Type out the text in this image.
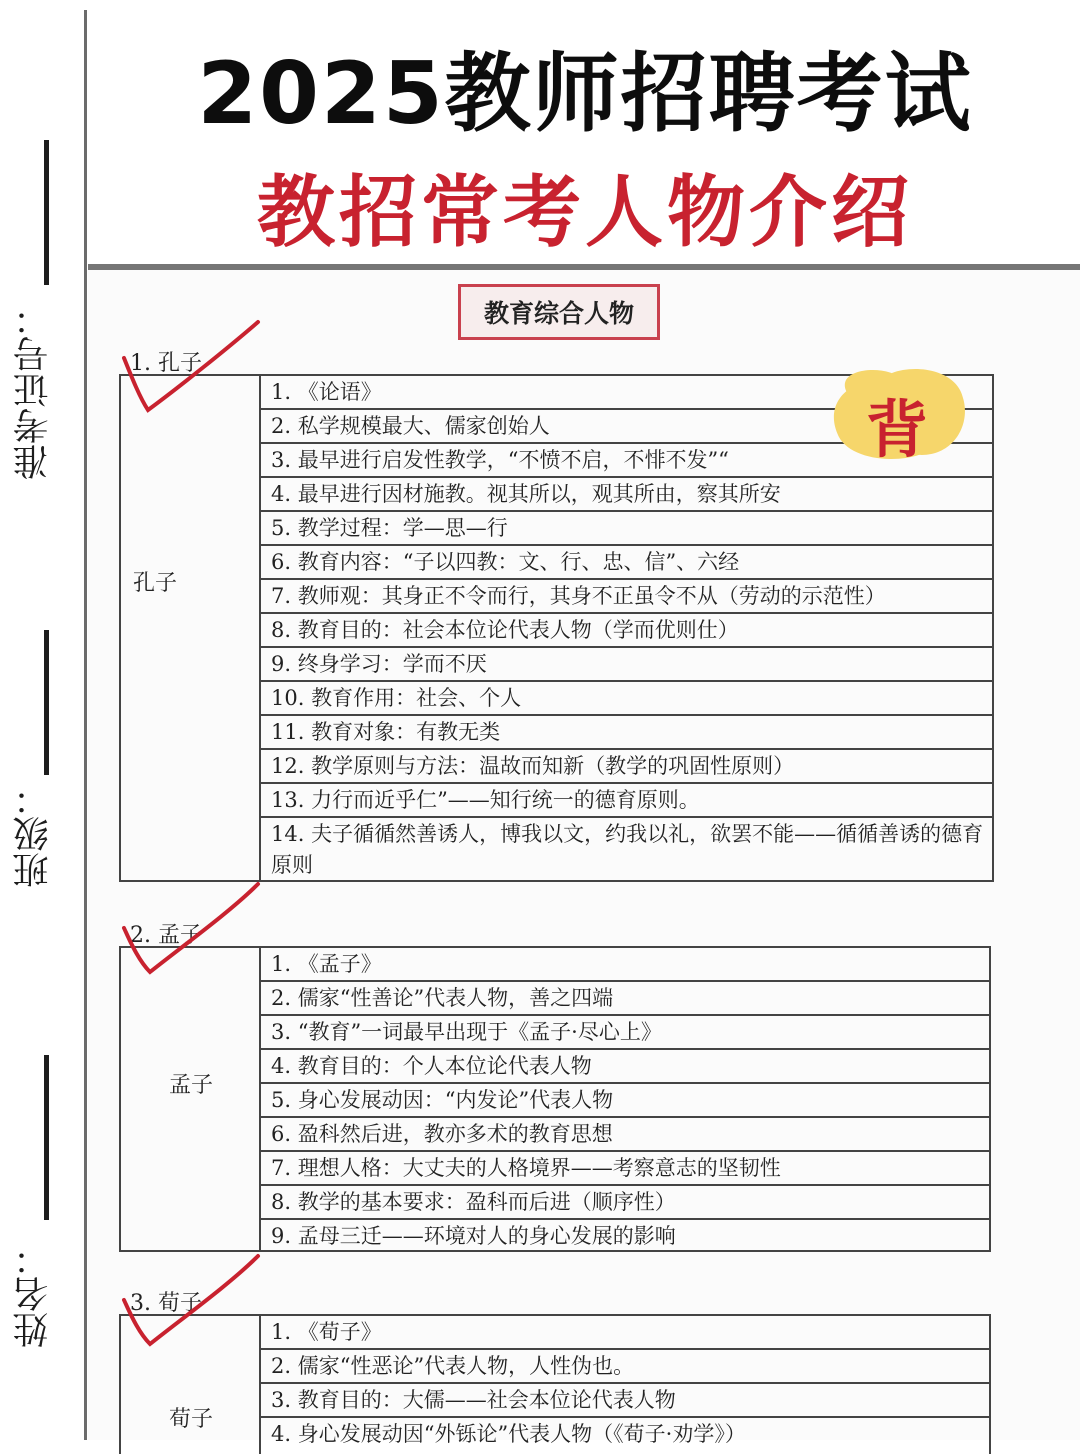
准考证号：
班级：
姓名：
2025教师招聘考试
教招常考人物介绍
教育综合人物
1. 孔子
孔子
1. 《论语》
2. 私学规模最大、儒家创始人
3. 最早进行启发性教学，“不愤不启，不悱不发”“
4. 最早进行因材施教。视其所以，观其所由，察其所安
5. 教学过程：学—思—行
6. 教育内容：“子以四教：文、行、忠、信”、六经
7. 教师观：其身正不令而行，其身不正虽令不从（劳动的示范性）
8. 教育目的：社会本位论代表人物（学而优则仕）
9. 终身学习：学而不厌
10. 教育作用：社会、个人
11. 教育对象：有教无类
12. 教学原则与方法：温故而知新（教学的巩固性原则）
13. 力行而近乎仁”——知行统一的德育原则。
14. 夫子循循然善诱人，博我以文，约我以礼，欲罢不能——循循善诱的德育原则
2. 孟子
孟子
1. 《孟子》
2. 儒家“性善论”代表人物，善之四端
3. “教育”一词最早出现于《孟子·尽心上》
4. 教育目的：个人本位论代表人物
5. 身心发展动因：“内发论”代表人物
6. 盈科然后进，教亦多术的教育思想
7. 理想人格：大丈夫的人格境界——考察意志的坚韧性
8. 教学的基本要求：盈科而后进（顺序性）
9. 孟母三迁——环境对人的身心发展的影响
3. 荀子
荀子
1. 《荀子》
2. 儒家“性恶论”代表人物，人性伪也。
3. 教育目的：大儒——社会本位论代表人物
4. 身心发展动因“外铄论”代表人物（《荀子·劝学》）
背
